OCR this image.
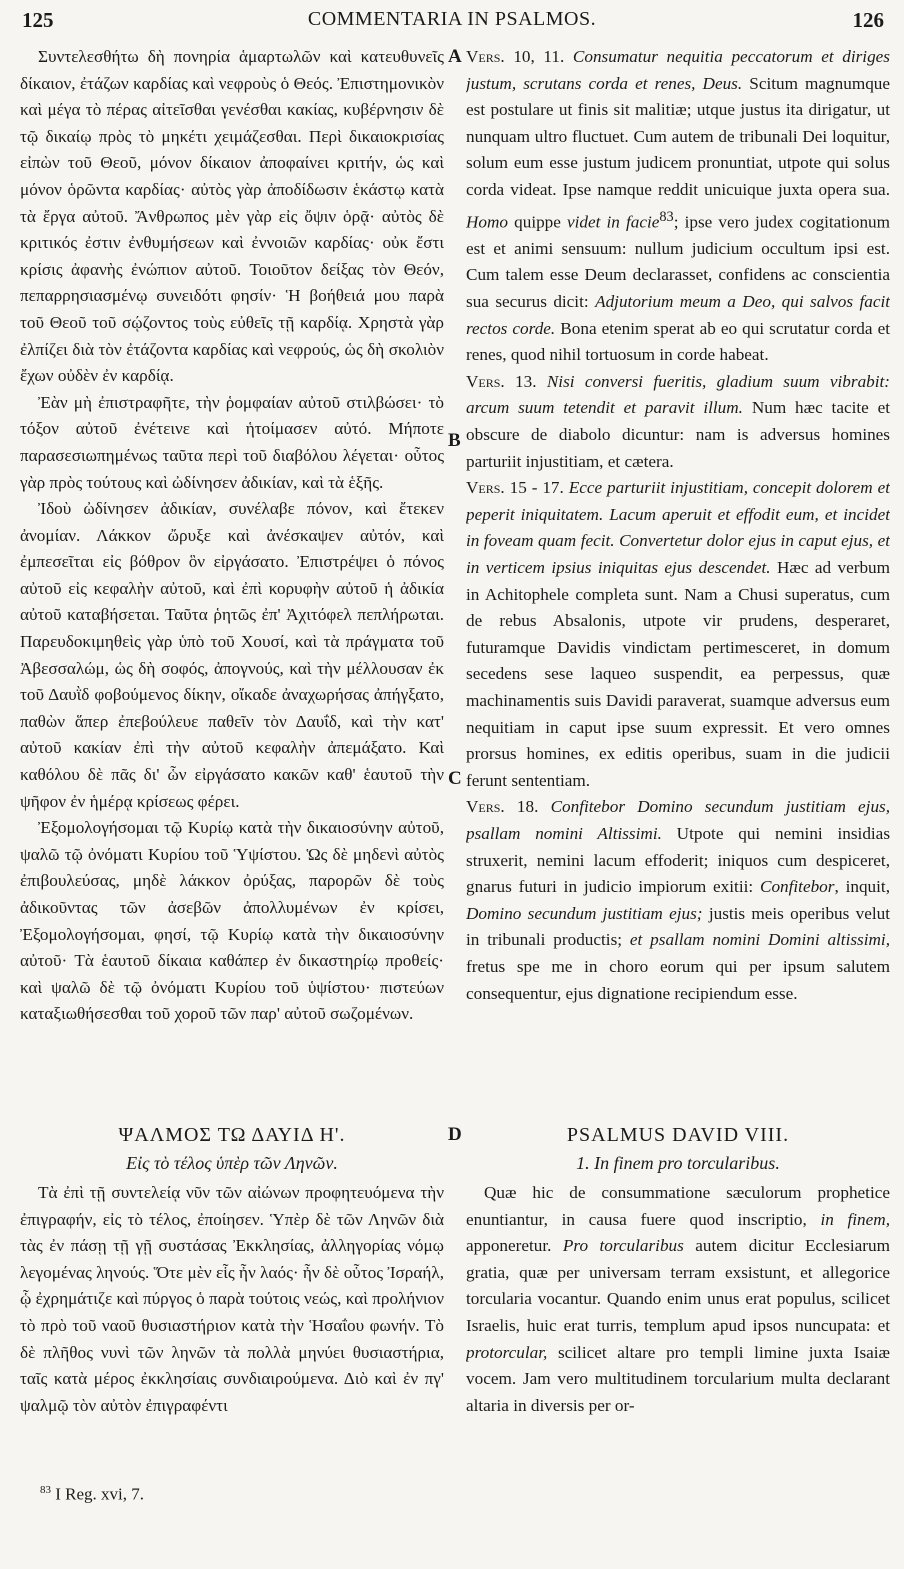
125	COMMENTARIA IN PSALMOS.	126

Συντελεσθήτω δὴ πονηρία ἁμαρτωλῶν καὶ κατευθυνεῖς δίκαιον, ἐτάζων καρδίας καὶ νεφροὺς ὁ Θεός. Ἐπιστημονικὸν καὶ μέγα τὸ πέρας αἰτεῖσθαι γενέσθαι κακίας, κυβέρνησιν δὲ τῷ δικαίῳ πρὸς τὸ μηκέτι χειμάζεσθαι. Περὶ δικαιοκρισίας εἰπὼν τοῦ Θεοῦ, μόνον δίκαιον ἀποφαίνει κριτήν, ὡς καὶ μόνον ὁρῶντα καρδίας· αὐτὸς γὰρ ἀποδίδωσιν ἑκάστῳ κατὰ τὰ ἔργα αὐτοῦ. Ἄνθρωπος μὲν γὰρ εἰς ὄψιν ὁρᾷ· αὐτὸς δὲ κριτικός ἐστιν ἐνθυμήσεων καὶ ἐννοιῶν καρδίας· οὐκ ἔστι κρίσις ἀφανὴς ἐνώπιον αὐτοῦ. Τοιοῦτον δείξας τὸν Θεόν, πεπαρρησιασμένῳ συνειδότι φησίν· Ἡ βοήθειά μου παρὰ τοῦ Θεοῦ τοῦ σῴζοντος τοὺς εὐθεῖς τῇ καρδίᾳ. Χρηστὰ γὰρ ἐλπίζει διὰ τὸν ἐτάζοντα καρδίας καὶ νεφρούς, ὡς δὴ σκολιὸν ἔχων οὐδὲν ἐν καρδίᾳ.

Ἐὰν μὴ ἐπιστραφῆτε, τὴν ῥομφαίαν αὐτοῦ στιλβώσει· τὸ τόξον αὐτοῦ ἐνέτεινε καὶ ἡτοίμασεν αὐτό. Μήποτε παρασεσιωπημένως ταῦτα περὶ τοῦ διαβόλου λέγεται· οὗτος γὰρ πρὸς τούτους καὶ ὠδίνησεν ἀδικίαν, καὶ τὰ ἑξῆς.

Ἰδοὺ ὠδίνησεν ἀδικίαν, συνέλαβε πόνον, καὶ ἔτεκεν ἀνομίαν. Λάκκον ὤρυξε καὶ ἀνέσκαψεν αὐτόν, καὶ ἐμπεσεῖται εἰς βόθρον ὃν εἰργάσατο. Ἐπιστρέψει ὁ πόνος αὐτοῦ εἰς κεφαλὴν αὐτοῦ, καὶ ἐπὶ κορυφὴν αὐτοῦ ἡ ἀδικία αὐτοῦ καταβήσεται. Ταῦτα ῥητῶς ἐπ' Ἀχιτόφελ πεπλήρωται. Παρευδοκιμηθεὶς γὰρ ὑπὸ τοῦ Χουσί, καὶ τὰ πράγματα τοῦ Ἀβεσσαλώμ, ὡς δὴ σοφός, ἀπογνούς, καὶ τὴν μέλλουσαν ἐκ τοῦ Δαυῒδ φοβούμενος δίκην, οἴκαδε ἀναχωρήσας ἀπήγξατο, παθὼν ἅπερ ἐπεβούλευε παθεῖν τὸν Δαυΐδ, καὶ τὴν κατ' αὐτοῦ κακίαν ἐπὶ τὴν αὐτοῦ κεφαλὴν ἀπεμάξατο. Καὶ καθόλου δὲ πᾶς δι' ὧν εἰργάσατο κακῶν καθ' ἑαυτοῦ τὴν ψῆφον ἐν ἡμέρᾳ κρίσεως φέρει.

Ἐξομολογήσομαι τῷ Κυρίῳ κατὰ τὴν δικαιοσύνην αὐτοῦ, ψαλῶ τῷ ὀνόματι Κυρίου τοῦ Ὑψίστου. Ὡς δὲ μηδενὶ αὐτὸς ἐπιβουλεύσας, μηδὲ λάκκον ὀρύξας, παρορῶν δὲ τοὺς ἀδικοῦντας τῶν ἀσεβῶν ἀπολλυμένων ἐν κρίσει, Ἐξομολογήσομαι, φησί, τῷ Κυρίῳ κατὰ τὴν δικαιοσύνην αὐτοῦ· Τὰ ἑαυτοῦ δίκαια καθάπερ ἐν δικαστηρίῳ προθείς· καὶ ψαλῶ δὲ τῷ ὀνόματι Κυρίου τοῦ ὑψίστου· πιστεύων καταξιωθήσεσθαι τοῦ χοροῦ τῶν παρ' αὐτοῦ σωζομένων.

A
B
C
D

Vers. 10, 11. Consumatur nequitia peccatorum et diriges justum, scrutans corda et renes, Deus. Scitum magnumque est postulare ut finis sit malitiæ; utque justus ita dirigatur, ut nunquam ultro fluctuet. Cum autem de tribunali Dei loquitur, solum eum esse justum judicem pronuntiat, utpote qui solus corda videat. Ipse namque reddit unicuique juxta opera sua. Homo quippe videt in facie$^{83}$; ipse vero judex cogitationum est et animi sensuum: nullum judicium occultum ipsi est. Cum talem esse Deum declarasset, confidens ac conscientia sua securus dicit: Adjutorium meum a Deo, qui salvos facit rectos corde. Bona etenim sperat ab eo qui scrutatur corda et renes, quod nihil tortuosum in corde habeat.

Vers. 13. Nisi conversi fueritis, gladium suum vibrabit: arcum suum tetendit et paravit illum. Num hæc tacite et obscure de diabolo dicuntur: nam is adversus homines parturiit injustitiam, et cætera.

Vers. 15 - 17. Ecce parturiit injustitiam, concepit dolorem et peperit iniquitatem. Lacum aperuit et effodit eum, et incidet in foveam quam fecit. Convertetur dolor ejus in caput ejus, et in verticem ipsius iniquitas ejus descendet. Hæc ad verbum in Achitophele completa sunt. Nam a Chusi superatus, cum de rebus Absalonis, utpote vir prudens, desperaret, futuramque Davidis vindictam pertimesceret, in domum secedens sese laqueo suspendit, ea perpessus, quæ machinamentis suis Davidi paraverat, suamque adversus eum nequitiam in caput ipse suum expressit. Et vero omnes prorsus homines, ex editis operibus, suam in die judicii ferunt sententiam.

Vers. 18. Confitebor Domino secundum justitiam ejus, psallam nomini Altissimi. Utpote qui nemini insidias struxerit, nemini lacum effoderit; iniquos cum despiceret, gnarus futuri in judicio impiorum exitii: Confitebor, inquit, Domino secundum justitiam ejus; justis meis operibus velut in tribunali productis; et psallam nomini Domini altissimi, fretus spe me in choro eorum qui per ipsum salutem consequentur, ejus dignatione recipiendum esse.

ΨΑΛΜΟΣ ΤΩ ΔΑΥΙΔ Η'.
Εἰς τὸ τέλος ὑπὲρ τῶν Ληνῶν.

Τὰ ἐπὶ τῇ συντελείᾳ νῦν τῶν αἰώνων προφητευόμενα τὴν ἐπιγραφήν, εἰς τὸ τέλος, ἐποίησεν. Ὑπὲρ δὲ τῶν Ληνῶν διὰ τὰς ἐν πάσῃ τῇ γῇ συστάσας Ἐκκλησίας, ἀλληγορίας νόμῳ λεγομένας ληνούς. Ὅτε μὲν εἷς ἦν λαός· ἦν δὲ οὗτος Ἰσραήλ, ᾧ ἐχρημάτιζε καὶ πύργος ὁ παρὰ τούτοις νεώς, καὶ προλήνιον τὸ πρὸ τοῦ ναοῦ θυσιαστήριον κατὰ τὴν Ἡσαΐου φωνήν. Τὸ δὲ πλῆθος νυνὶ τῶν ληνῶν τὰ πολλὰ μηνύει θυσιαστήρια, ταῖς κατὰ μέρος ἐκκλησίαις συνδιαιρούμενα. Διὸ καὶ ἐν πγ' ψαλμῷ τὸν αὐτὸν ἐπιγραφέντι

PSALMUS DAVID VIII.
1. In finem pro torcularibus.

Quæ hic de consummatione sæculorum prophetice enuntiantur, in causa fuere quod inscriptio, in finem, apponeretur. Pro torcularibus autem dicitur Ecclesiarum gratia, quæ per universam terram exsistunt, et allegorice torcularia vocantur. Quando enim unus erat populus, scilicet Israelis, huic erat turris, templum apud ipsos nuncupata: et protorcular, scilicet altare pro templi limine juxta Isaiæ vocem. Jam vero multitudinem torcularium multa declarant altaria in diversis per or-

$^{83}$ I Reg. xvi, 7.
